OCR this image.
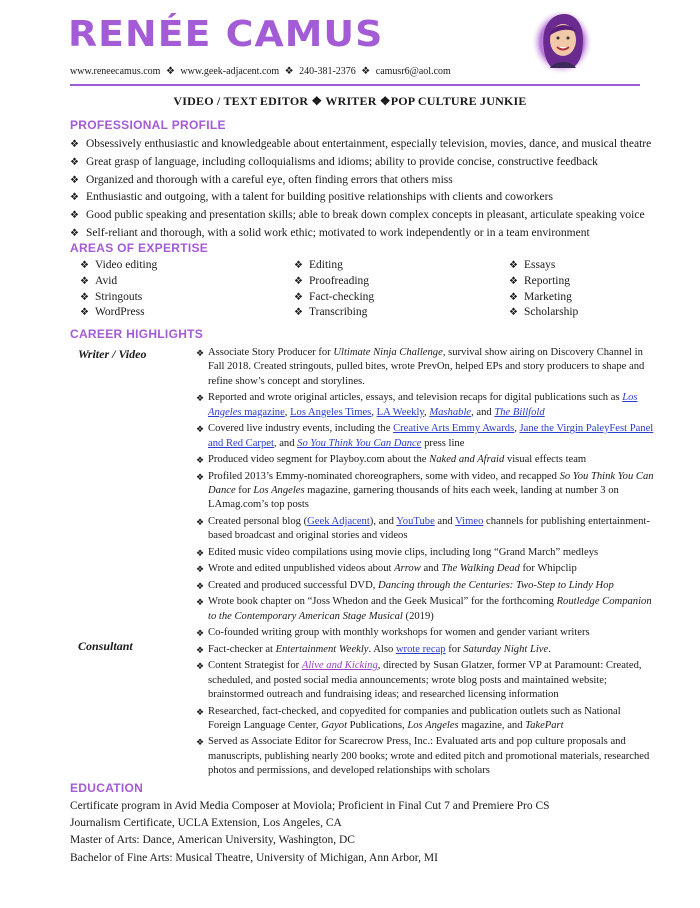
RENÉE CAMUS
www.reneecamus.com ❖ www.geek-adjacent.com ❖ 240-381-2376 ❖ camusr6@aol.com
VIDEO / TEXT EDITOR ❖ WRITER ❖POP CULTURE JUNKIE
PROFESSIONAL PROFILE
❖ Obsessively enthusiastic and knowledgeable about entertainment, especially television, movies, dance, and musical theatre
❖ Great grasp of language, including colloquialisms and idioms; ability to provide concise, constructive feedback
❖ Organized and thorough with a careful eye, often finding errors that others miss
❖ Enthusiastic and outgoing, with a talent for building positive relationships with clients and coworkers
❖ Good public speaking and presentation skills; able to break down complex concepts in pleasant, articulate speaking voice
❖ Self-reliant and thorough, with a solid work ethic; motivated to work independently or in a team environment
AREAS OF EXPERTISE
❖ Video editing
❖ Avid
❖ Stringouts
❖ WordPress
❖ Editing
❖ Proofreading
❖ Fact-checking
❖ Transcribing
❖ Essays
❖ Reporting
❖ Marketing
❖ Scholarship
CAREER HIGHLIGHTS
Writer / Video
Consultant
❖ Associate Story Producer for Ultimate Ninja Challenge, survival show airing on Discovery Channel in Fall 2018. Created stringouts, pulled bites, wrote PrevOn, helped EPs and story producers to shape and refine show’s concept and storylines.
❖ Reported and wrote original articles, essays, and television recaps for digital publications such as Los Angeles magazine, Los Angeles Times, LA Weekly, Mashable, and The Billfold
❖ Covered live industry events, including the Creative Arts Emmy Awards, Jane the Virgin PaleyFest Panel and Red Carpet, and So You Think You Can Dance press line
❖ Produced video segment for Playboy.com about the Naked and Afraid visual effects team
❖ Profiled 2013’s Emmy-nominated choreographers, some with video, and recapped So You Think You Can Dance for Los Angeles magazine, garnering thousands of hits each week, landing at number 3 on LAmag.com’s top posts
❖ Created personal blog (Geek Adjacent), and YouTube and Vimeo channels for publishing entertainment-based broadcast and original stories and videos
❖ Edited music video compilations using movie clips, including long “Grand March” medleys
❖ Wrote and edited unpublished videos about Arrow and The Walking Dead for Whipclip
❖ Created and produced successful DVD, Dancing through the Centuries: Two-Step to Lindy Hop
❖ Wrote book chapter on “Joss Whedon and the Geek Musical” for the forthcoming Routledge Companion to the Contemporary American Stage Musical (2019)
❖ Co-founded writing group with monthly workshops for women and gender variant writers
❖ Fact-checker at Entertainment Weekly. Also wrote recap for Saturday Night Live.
❖ Content Strategist for Alive and Kicking, directed by Susan Glatzer, former VP at Paramount: Created, scheduled, and posted social media announcements; wrote blog posts and maintained website; brainstormed outreach and fundraising ideas; and researched licensing information
❖ Researched, fact-checked, and copyedited for companies and publication outlets such as National Foreign Language Center, Gayot Publications, Los Angeles magazine, and TakePart
❖ Served as Associate Editor for Scarecrow Press, Inc.: Evaluated arts and pop culture proposals and manuscripts, publishing nearly 200 books; wrote and edited pitch and promotional materials, researched photos and permissions, and developed relationships with scholars
EDUCATION
Certificate program in Avid Media Composer at Moviola; Proficient in Final Cut 7 and Premiere Pro CS
Journalism Certificate, UCLA Extension, Los Angeles, CA
Master of Arts: Dance, American University, Washington, DC
Bachelor of Fine Arts: Musical Theatre, University of Michigan, Ann Arbor, MI
